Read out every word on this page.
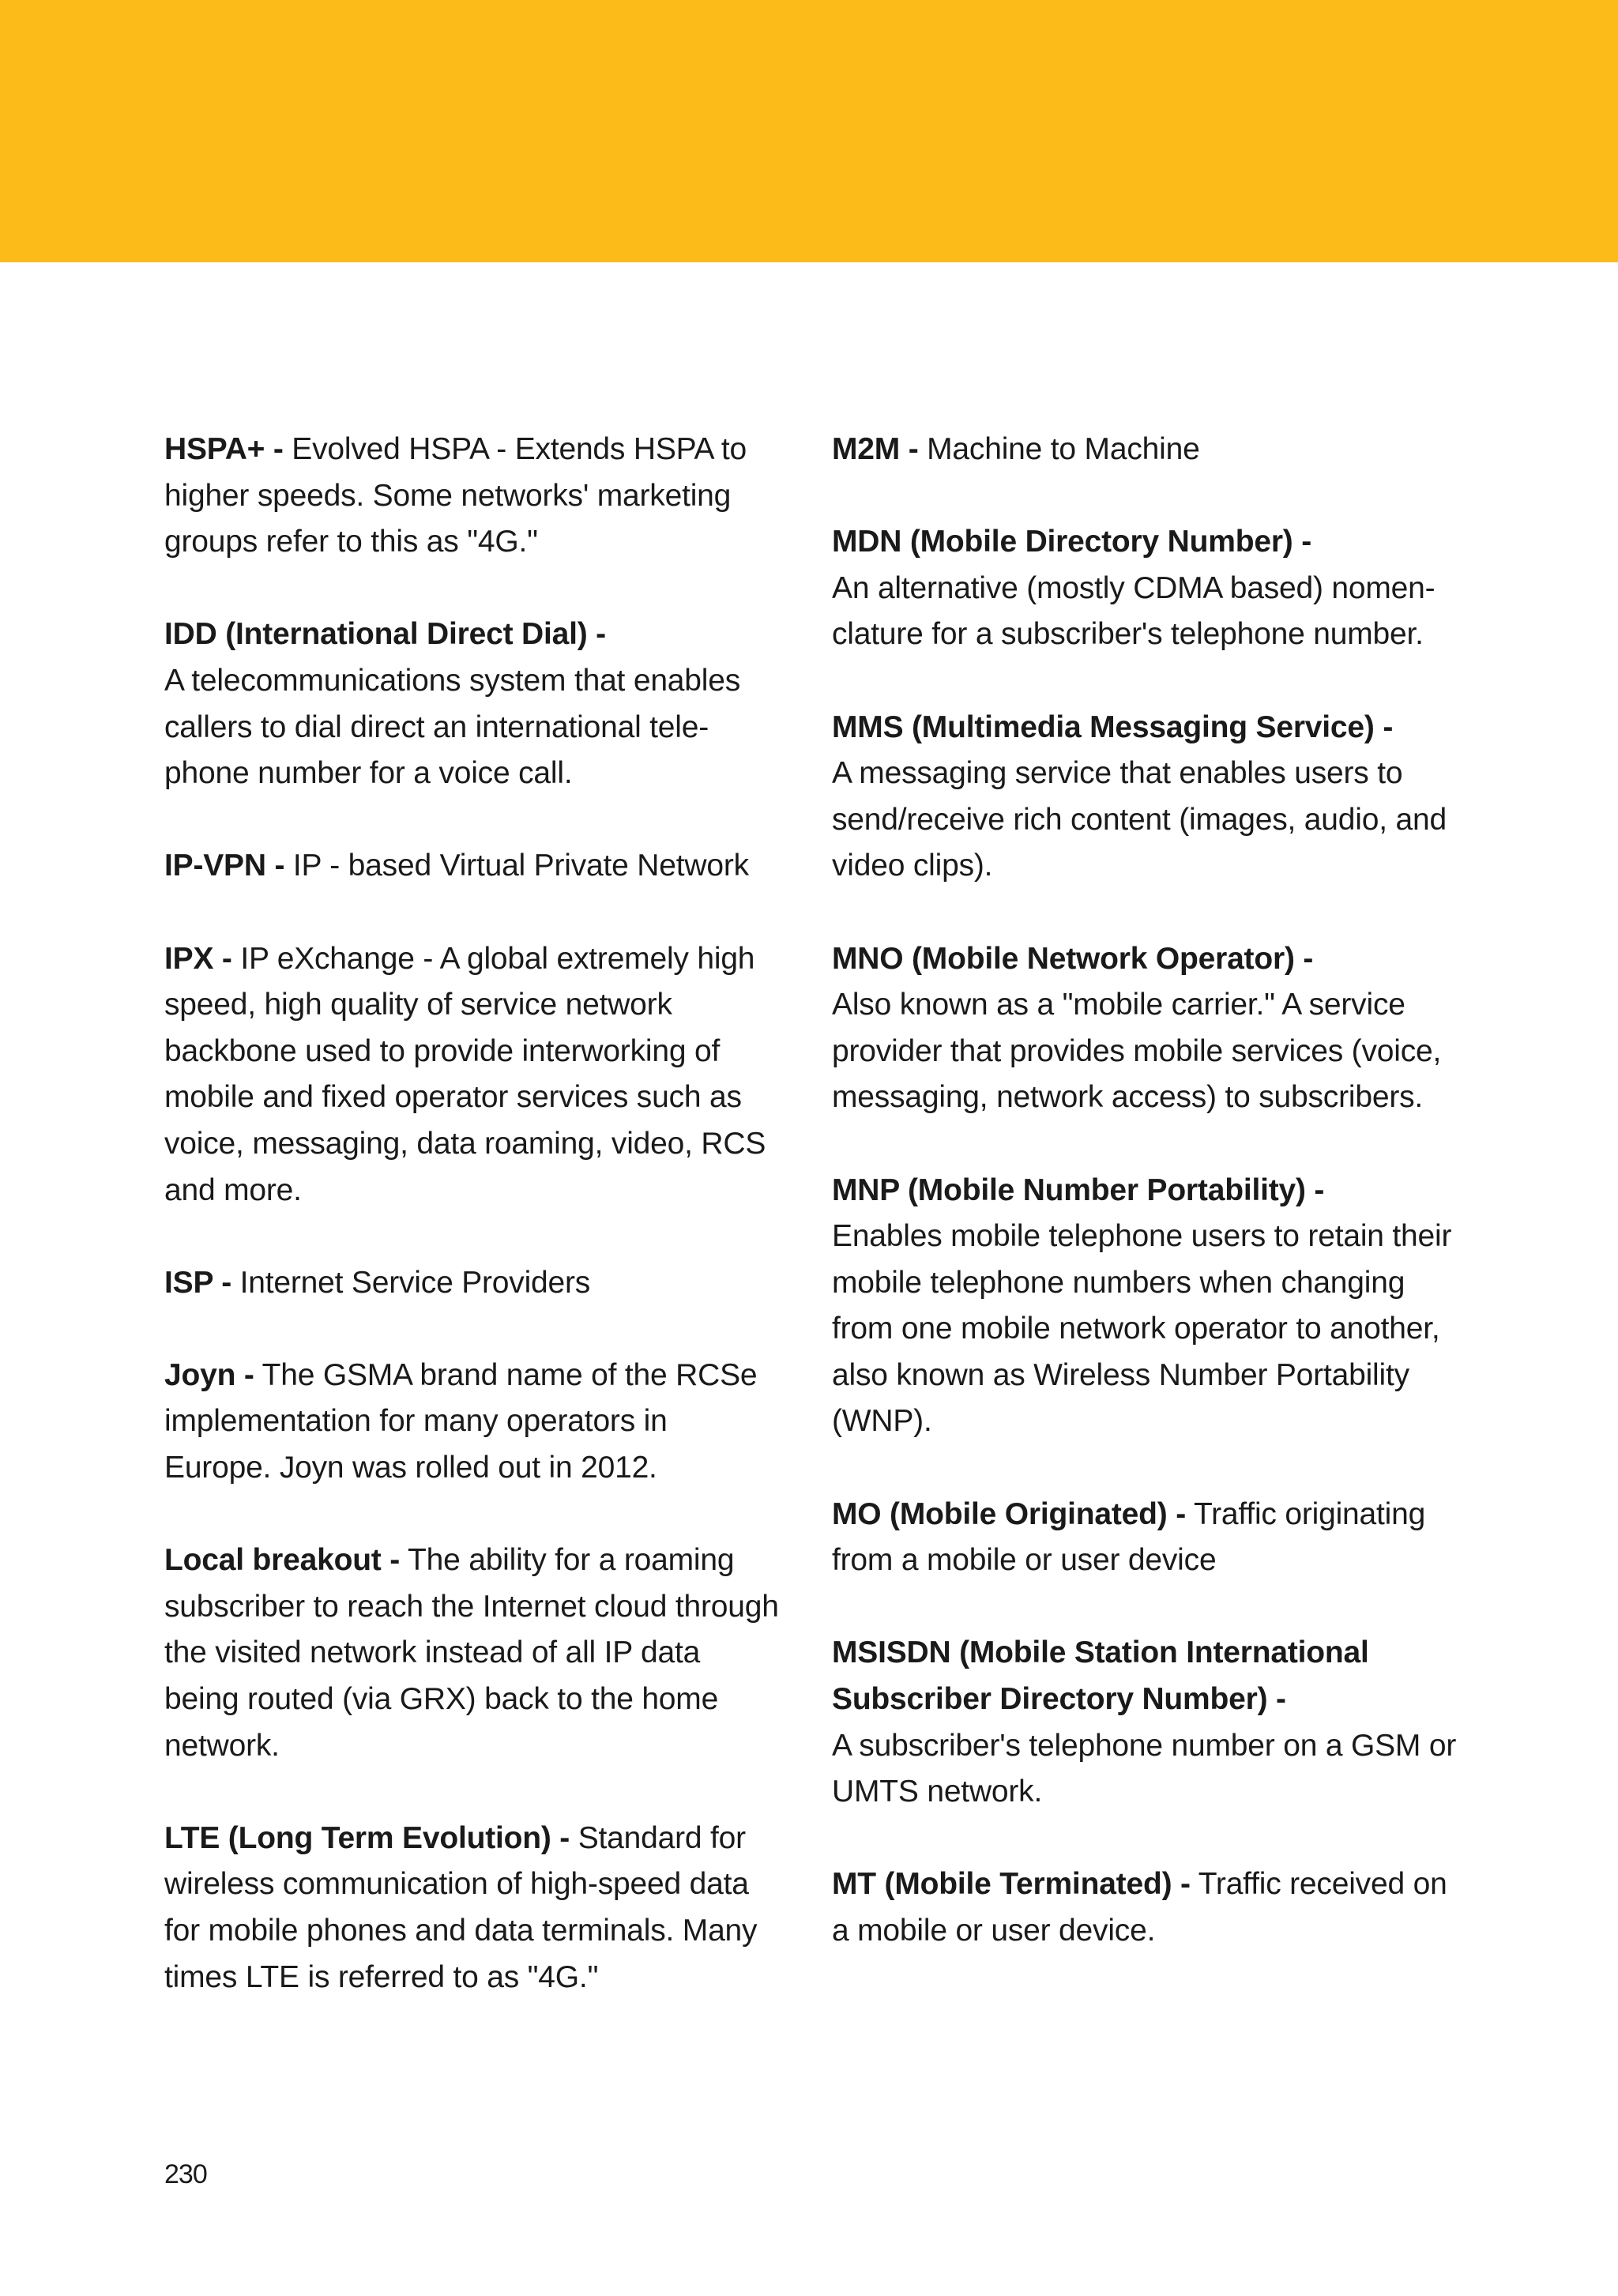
HSPA+ - Evolved HSPA - Extends HSPA to higher speeds. Some networks' marketing groups refer to this as "4G."

IDD (International Direct Dial) -
A telecommunications system that enables callers to dial direct an international tele-phone number for a voice call.

IP-VPN - IP - based Virtual Private Network

IPX - IP eXchange - A global extremely high speed, high quality of service network backbone used to provide interworking of mobile and fixed operator services such as voice, messaging, data roaming, video, RCS and more.

ISP - Internet Service Providers

Joyn - The GSMA brand name of the RCSe implementation for many operators in Europe. Joyn was rolled out in 2012.

Local breakout - The ability for a roaming subscriber to reach the Internet cloud through the visited network instead of all IP data being routed (via GRX) back to the home network.

LTE (Long Term Evolution) - Standard for wireless communication of high-speed data for mobile phones and data terminals. Many times LTE is referred to as "4G."

M2M - Machine to Machine

MDN (Mobile Directory Number) -
An alternative (mostly CDMA based) nomen-clature for a subscriber's telephone number.

MMS (Multimedia Messaging Service) -
A messaging service that enables users to send/receive rich content (images, audio, and video clips).

MNO (Mobile Network Operator) -
Also known as a "mobile carrier." A service provider that provides mobile services (voice, messaging, network access) to subscribers.

MNP (Mobile Number Portability) -
Enables mobile telephone users to retain their mobile telephone numbers when changing from one mobile network operator to another, also known as Wireless Number Portability (WNP).

MO (Mobile Originated) - Traffic originating from a mobile or user device

MSISDN (Mobile Station International Subscriber Directory Number) -
A subscriber's telephone number on a GSM or UMTS network.

MT (Mobile Terminated) - Traffic received on a mobile or user device.

230
